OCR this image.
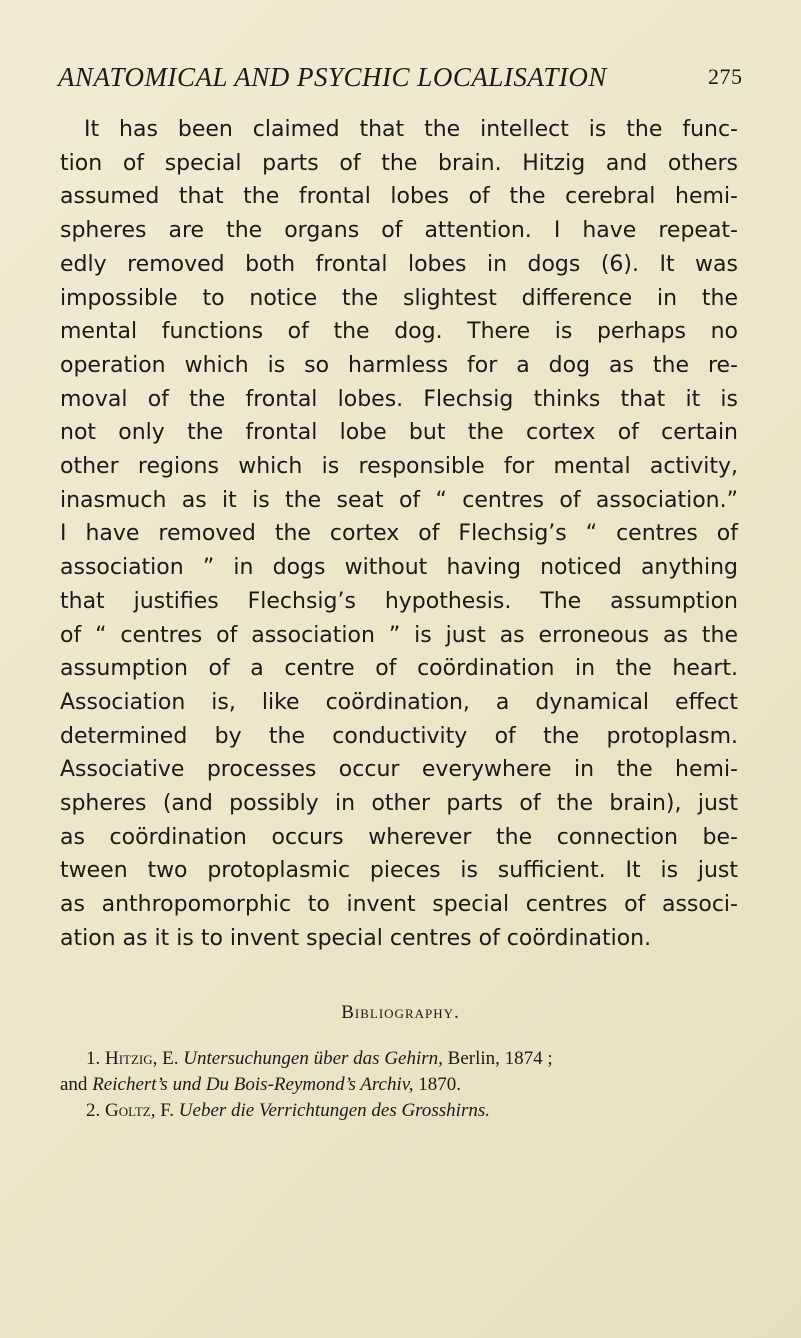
ANATOMICAL AND PSYCHIC LOCALISATION	275
It has been claimed that the intellect is the func-
tion of special parts of the brain. Hitzig and others
assumed that the frontal lobes of the cerebral hemi-
spheres are the organs of attention. I have repeat-
edly removed both frontal lobes in dogs (6). It was
impossible to notice the slightest difference in the
mental functions of the dog. There is perhaps no
operation which is so harmless for a dog as the re-
moval of the frontal lobes. Flechsig thinks that it is
not only the frontal lobe but the cortex of certain
other regions which is responsible for mental activity,
inasmuch as it is the seat of “ centres of association.”
I have removed the cortex of Flechsig’s “ centres of
association ” in dogs without having noticed anything
that justifies Flechsig’s hypothesis. The assumption
of “ centres of association ” is just as erroneous as the
assumption of a centre of coördination in the heart.
Association is, like coördination, a dynamical effect
determined by the conductivity of the protoplasm.
Associative processes occur everywhere in the hemi-
spheres (and possibly in other parts of the brain), just
as coördination occurs wherever the connection be-
tween two protoplasmic pieces is sufficient. It is just
as anthropomorphic to invent special centres of associ-
ation as it is to invent special centres of coördination.
Bibliography.
1. Hitzig, E. Untersuchungen über das Gehirn, Berlin, 1874 ;
and Reichert’s und Du Bois-Reymond’s Archiv, 1870.
2. Goltz, F. Ueber die Verrichtungen des Grosshirns.
